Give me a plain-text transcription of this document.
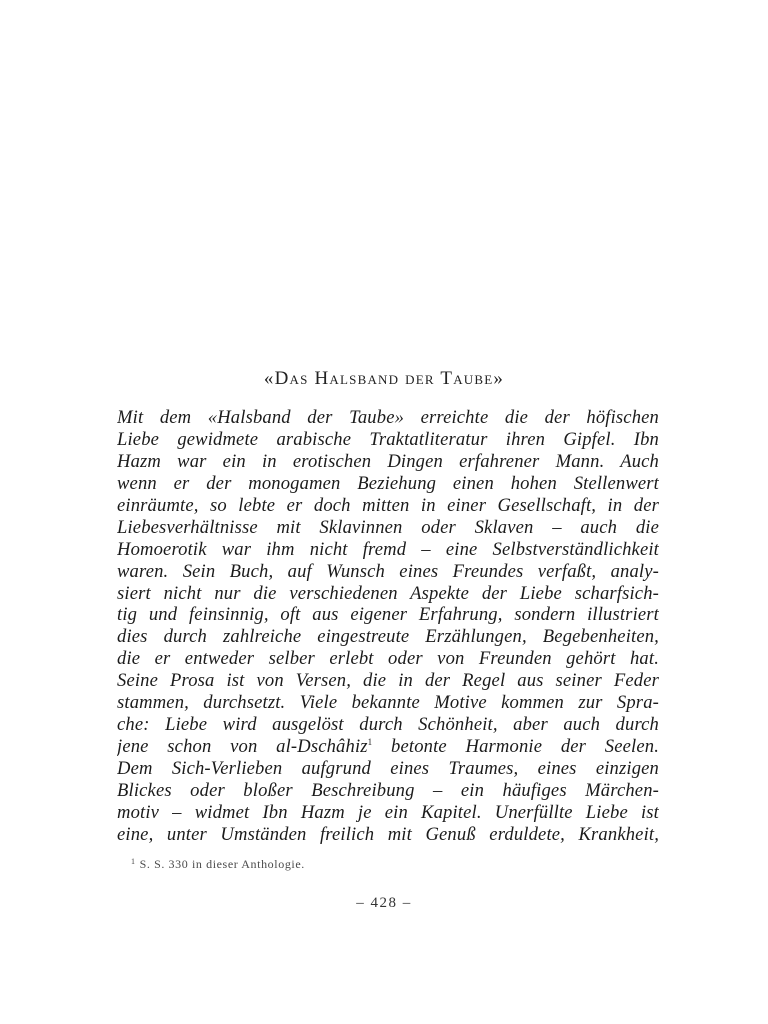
«Das Halsband der Taube»
Mit dem «Halsband der Taube» erreichte die der höfischen
Liebe gewidmete arabische Traktatliteratur ihren Gipfel. Ibn
Hazm war ein in erotischen Dingen erfahrener Mann. Auch
wenn er der monogamen Beziehung einen hohen Stellenwert
einräumte, so lebte er doch mitten in einer Gesellschaft, in der
Liebesverhältnisse mit Sklavinnen oder Sklaven – auch die
Homoerotik war ihm nicht fremd – eine Selbstverständlichkeit
waren. Sein Buch, auf Wunsch eines Freundes verfaßt, analy-
siert nicht nur die verschiedenen Aspekte der Liebe scharfsich-
tig und feinsinnig, oft aus eigener Erfahrung, sondern illustriert
dies durch zahlreiche eingestreute Erzählungen, Begebenheiten,
die er entweder selber erlebt oder von Freunden gehört hat.
Seine Prosa ist von Versen, die in der Regel aus seiner Feder
stammen, durchsetzt. Viele bekannte Motive kommen zur Spra-
che: Liebe wird ausgelöst durch Schönheit, aber auch durch
jene schon von al-Dschâhiz$^1$ betonte Harmonie der Seelen.
Dem Sich-Verlieben aufgrund eines Traumes, eines einzigen
Blickes oder bloßer Beschreibung – ein häufiges Märchen-
motiv – widmet Ibn Hazm je ein Kapitel. Unerfüllte Liebe ist
eine, unter Umständen freilich mit Genuß erduldete, Krankheit,
$^1$ S. S. 330 in dieser Anthologie.
– 428 –
